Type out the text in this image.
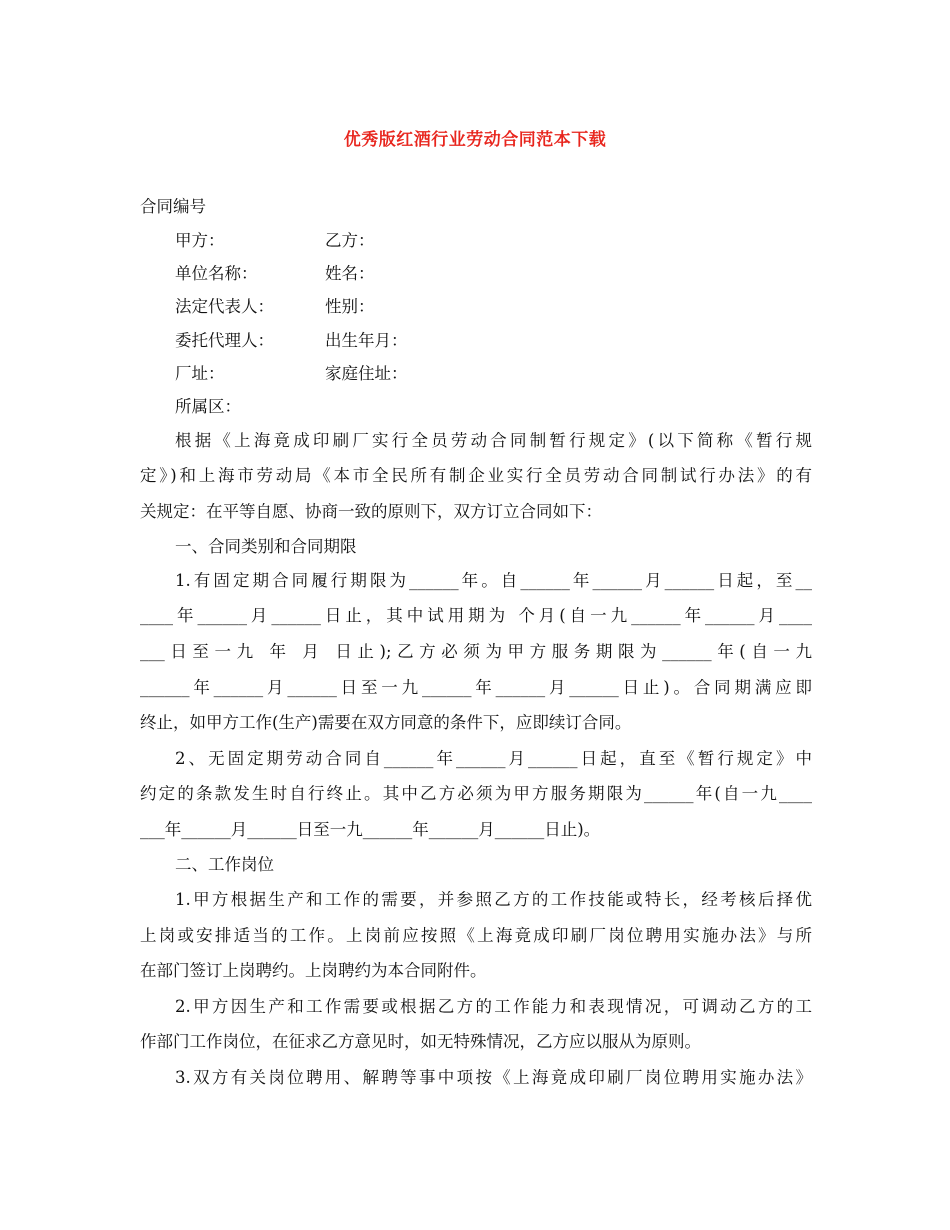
优秀版红酒行业劳动合同范本下载
合同编号
甲方：	乙方：
单位名称：	姓名：
法定代表人：	性别：
委托代理人：	出生年月：
厂址：	家庭住址：
所属区：
根据《上海竟成印刷厂实行全员劳动合同制暂行规定》(以下简称《暂行规
定》)和上海市劳动局《本市全民所有制企业实行全员劳动合同制试行办法》的有
关规定：在平等自愿、协商一致的原则下，双方订立合同如下：
一、合同类别和合同期限
1.有固定期合同履行期限为______年。自______年______月______日起，至__
____年______月______日止，其中试用期为 个月(自一九______年______月____
___日至一九 年 月 日止);乙方必须为甲方服务期限为______年(自一九
______年______月______日至一九______年______月______日止)。合同期满应即
终止，如甲方工作(生产)需要在双方同意的条件下，应即续订合同。
2、无固定期劳动合同自______年______月______日起，直至《暂行规定》中
约定的条款发生时自行终止。其中乙方必须为甲方服务期限为______年(自一九____
___年______月______日至一九______年______月______日止)。
二、工作岗位
1.甲方根据生产和工作的需要，并参照乙方的工作技能或特长，经考核后择优
上岗或安排适当的工作。上岗前应按照《上海竟成印刷厂岗位聘用实施办法》与所
在部门签订上岗聘约。上岗聘约为本合同附件。
2.甲方因生产和工作需要或根据乙方的工作能力和表现情况，可调动乙方的工
作部门工作岗位，在征求乙方意见时，如无特殊情况，乙方应以服从为原则。
3.双方有关岗位聘用、解聘等事中项按《上海竟成印刷厂岗位聘用实施办法》
